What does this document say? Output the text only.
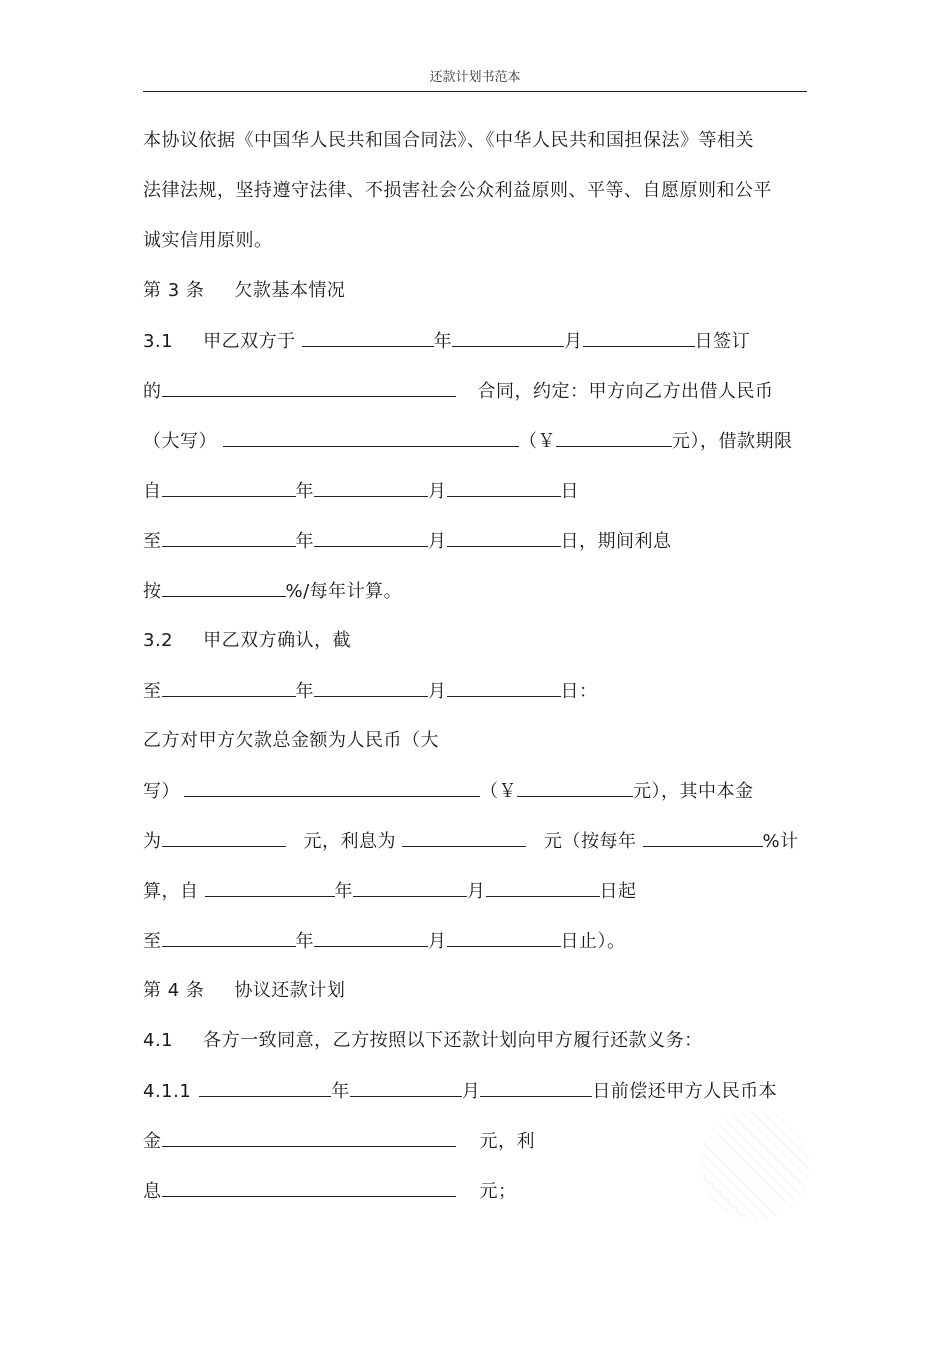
还款计划书范本
本协议依据《中国华人民共和国合同法》、《中华人民共和国担保法》等相关
法律法规，坚持遵守法律、不损害社会公众利益原则、平等、自愿原则和公平
诚实信用原则。
第 3 条 欠款基本情况
3.1 甲乙双方于	年	月	日签订
的	合同，约定：甲方向乙方出借人民币
（大写）	（￥	元），借款期限
自	年	月	日
至	年	月	日，期间利息
按	%/每年计算。
3.2 甲乙双方确认，截
至	年	月	日：
乙方对甲方欠款总金额为人民币（大
写）	（￥	元），其中本金
为	元，利息为	元（按每年	%计
算，自	年	月	日起
至	年	月	日止）。
第 4 条 协议还款计划
4.1 各方一致同意，乙方按照以下还款计划向甲方履行还款义务：
4.1.1	年	月	日前偿还甲方人民币本
金	元，利
息	元；
